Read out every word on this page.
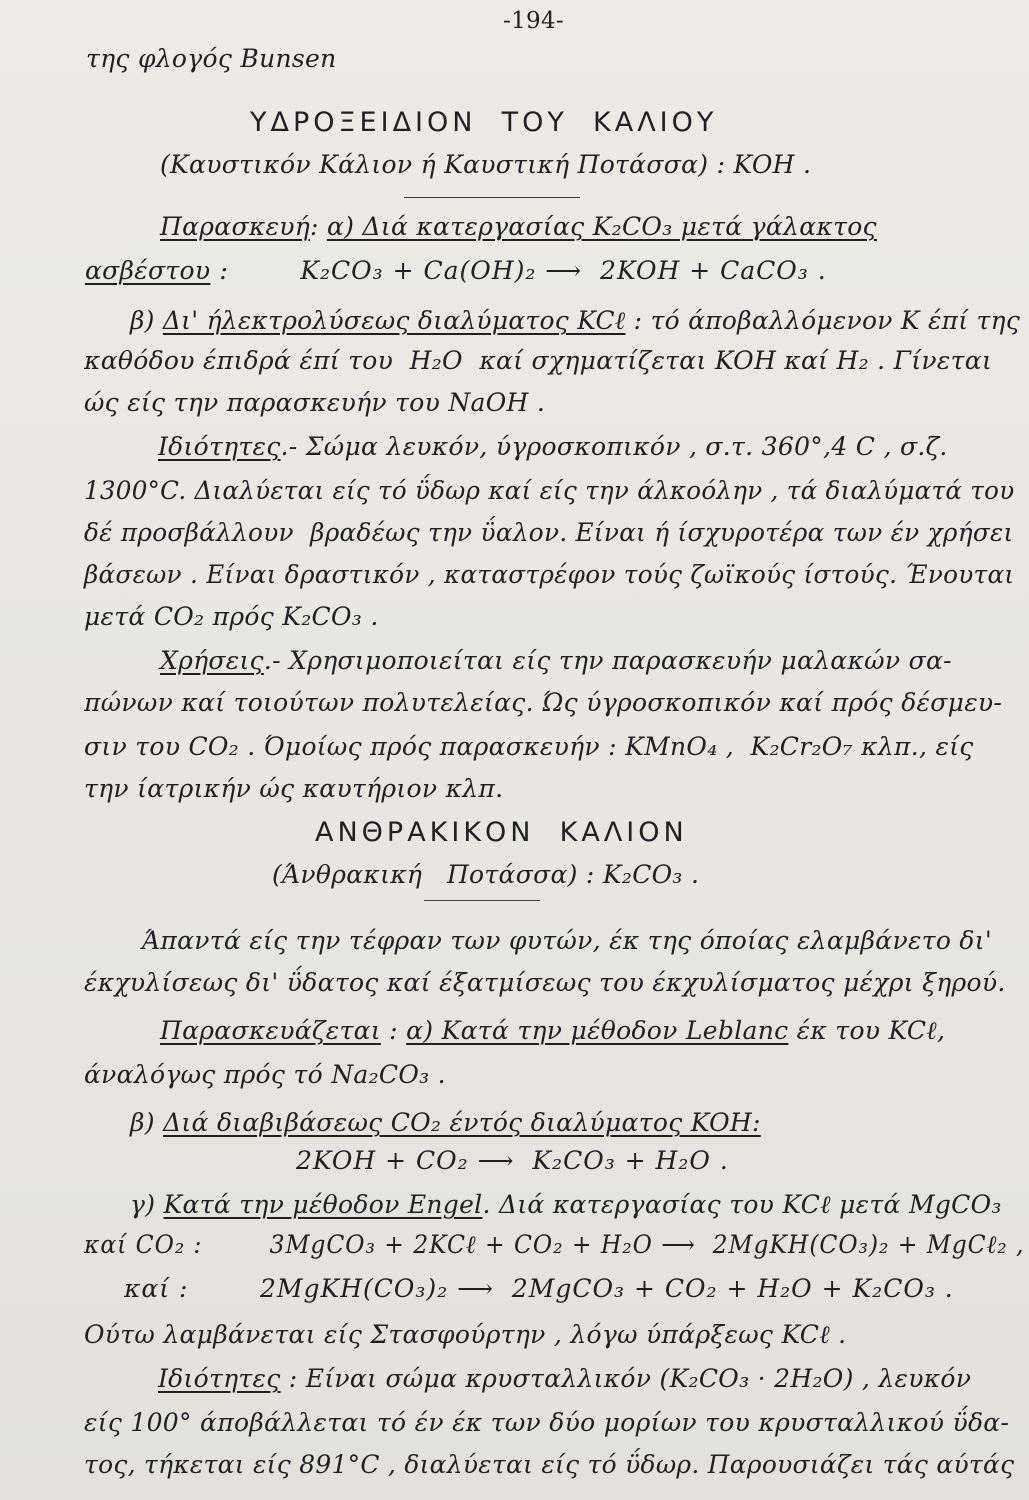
-194-
της φλογός Bunsen
ΥΔΡΟΞΕΙΔΙΟΝ  ΤΟΥ  ΚΑΛΙΟΥ
(Καυστικόν Κάλιον ή Καυστική Ποτάσσα) : KOH .
Παρασκευή: α) Διά κατεργασίας K₂CO₃ μετά γάλακτος
ασβέστου :        K₂CO₃ + Ca(OH)₂ ⟶  2KOH + CaCO₃ .
β) Δι' ήλεκτρολύσεως διαλύματος KCℓ : τό άποβαλλόμενον K έπί της
καθόδου έπιδρά έπί του  H₂O  καί σχηματίζεται KOH καί H₂ . Γίνεται
ώς είς την παρασκευήν του NaOH .
Ιδιότητες.- Σώμα λευκόν, ύγροσκοπικόν , σ.τ. 360°,4 C , σ.ζ.
1300°C. Διαλύεται είς τό ΰδωρ καί είς την άλκοόλην , τά διαλύματά του
δέ προσβάλλουν  βραδέως την ΰαλον. Είναι ή ίσχυροτέρα των έν χρήσει
βάσεων . Είναι δραστικόν , καταστρέφον τούς ζωϊκούς ίστούς. Ένουται
μετά CO₂ πρός K₂CO₃ .
Χρήσεις.- Χρησιμοποιείται είς την παρασκευήν μαλακών σα-
πώνων καί τοιούτων πολυτελείας. Ώς ύγροσκοπικόν καί πρός δέσμευ-
σιν του CO₂ . Όμοίως πρός παρασκευήν : KMnO₄ ,  K₂Cr₂O₇ κλπ., είς
την ίατρικήν ώς καυτήριον κλπ.
ΑΝΘΡΑΚΙΚΟΝ  ΚΑΛΙΟΝ
(Άνθρακική   Ποτάσσα) : K₂CO₃ .
Άπαντά είς την τέφραν των φυτών, έκ της όποίας ελαμβάνετο δι'
έκχυλίσεως δι' ΰδατος καί έξατμίσεως του έκχυλίσματος μέχρι ξηρού.
Παρασκευάζεται : α) Κατά την μέθοδον Leblanc έκ του KCℓ,
άναλόγως πρός τό Na₂CO₃ .
β) Διά διαβιβάσεως CO₂ έντός διαλύματος KOH:
2KOH + CO₂ ⟶  K₂CO₃ + H₂O .
γ) Κατά την μέθοδον Engel. Διά κατεργασίας του KCℓ μετά MgCO₃
καί CO₂ :        3MgCO₃ + 2KCℓ + CO₂ + H₂O ⟶  2MgKH(CO₃)₂ + MgCℓ₂ ,
καί :        2MgKH(CO₃)₂ ⟶  2MgCO₃ + CO₂ + H₂O + K₂CO₃ .
Ούτω λαμβάνεται είς Στασφούρτην , λόγω ύπάρξεως KCℓ .
Ιδιότητες : Είναι σώμα κρυσταλλικόν (K₂CO₃ · 2H₂O) , λευκόν
είς 100° άποβάλλεται τό έν έκ των δύο μορίων του κρυσταλλικού ΰδα-
τος, τήκεται είς 891°C , διαλύεται είς τό ΰδωρ. Παρουσιάζει τάς αύτάς
